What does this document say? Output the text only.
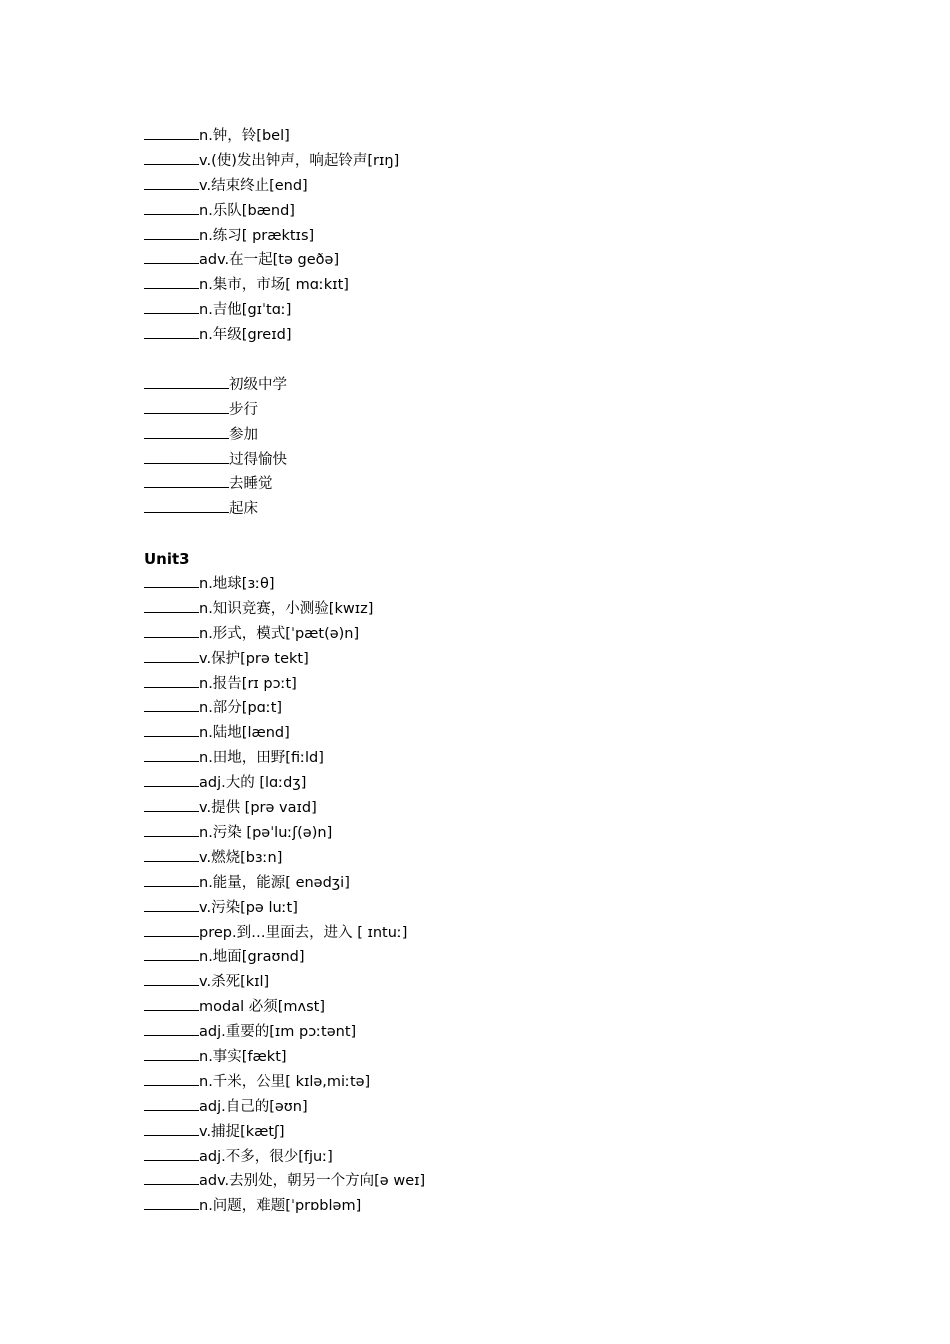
n.钟，铃[bel]
v.(使)发出钟声，响起铃声[rɪŋ]
v.结束终止[end]
n.乐队[bænd]
n.练习[ præktɪs]
adv.在一起[tə geðə]
n.集市，市场[ mɑːkɪt]
n.吉他[gɪˈtɑː]
n.年级[greɪd]
初级中学
步行
参加
过得愉快
去睡觉
起床
Unit3
n.地球[ɜːθ]
n.知识竞赛，小测验[kwɪz]
n.形式，模式[ˈpæt(ə)n]
v.保护[prə tekt]
n.报告[rɪ pɔːt]
n.部分[pɑːt]
n.陆地[lænd]
n.田地，田野[fiːld]
adj.大的 [lɑːdʒ]
v.提供 [prə vaɪd]
n.污染 [pəˈluːʃ(ə)n]
v.燃烧[bɜːn]
n.能量，能源[ enədʒi]
v.污染[pə luːt]
prep.到…里面去，进入 [ ɪntuː]
n.地面[graʊnd]
v.杀死[kɪl]
modal 必须[mʌst]
adj.重要的[ɪm pɔːtənt]
n.事实[fækt]
n.千米，公里[ kɪlə,miːtə]
adj.自己的[əʊn]
v.捕捉[kætʃ]
adj.不多，很少[fjuː]
adv.去别处，朝另一个方向[ə weɪ]
n.问题，难题[ˈprɒbləm]
